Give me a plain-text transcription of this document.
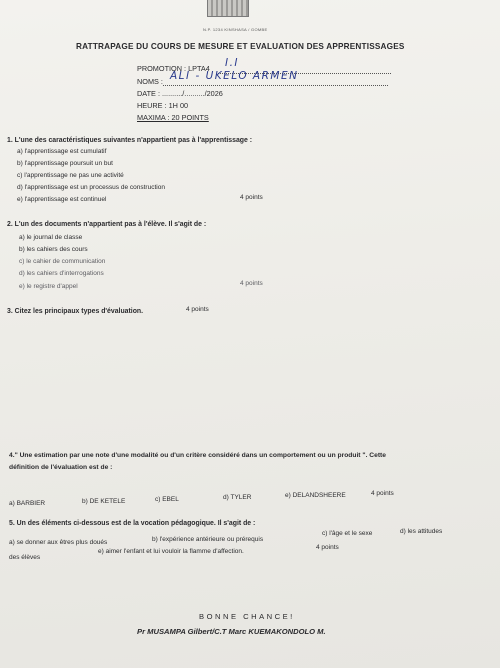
N.P. 1234 KINSHASA / GOMBE
RATTRAPAGE DU COURS DE MESURE ET EVALUATION DES APPRENTISSAGES
PROMOTION : LPTA4 I.I
NOMS : ALI - UKELO ARMEN
DATE : ........../........../2026
HEURE : 1H 00
MAXIMA : 20 POINTS
1. L'une des caractéristiques suivantes n'appartient pas à l'apprentissage :
a) l'apprentissage est cumulatif
b) l'apprentissage poursuit un but
c) l'apprentissage ne pas une activité
d) l'apprentissage est un processus de construction
e) l'apprentissage est continuel	4 points
2. L'un des documents n'appartient pas à l'élève. Il s'agit de :
a) le journal de classe
b) les cahiers des cours
c) le cahier de communication
d) les cahiers d'interrogations
e) le registre d'appel	4 points
3. Citez les principaux types d'évaluation.	4 points
4." Une estimation par une note d'une modalité ou d'un critère considéré dans un comportement ou un produit ". Cette
définition de l'évaluation est de :
a) BARBIER	b) DE KETELE	c) EBEL	d) TYLER	e) DELANDSHEERE	4 points
5. Un des éléments ci-dessous est de la vocation pédagogique. Il s'agit de :
a) se donner aux êtres plus doués	b) l'expérience antérieure ou prérequis
c) l'âge et le sexe	d) les attitudes
des élèves
e) aimer l'enfant et lui vouloir la flamme d'affection.
4 points
BONNE CHANCE!
Pr MUSAMPA Gilbert/C.T Marc KUEMAKONDOLO M.
